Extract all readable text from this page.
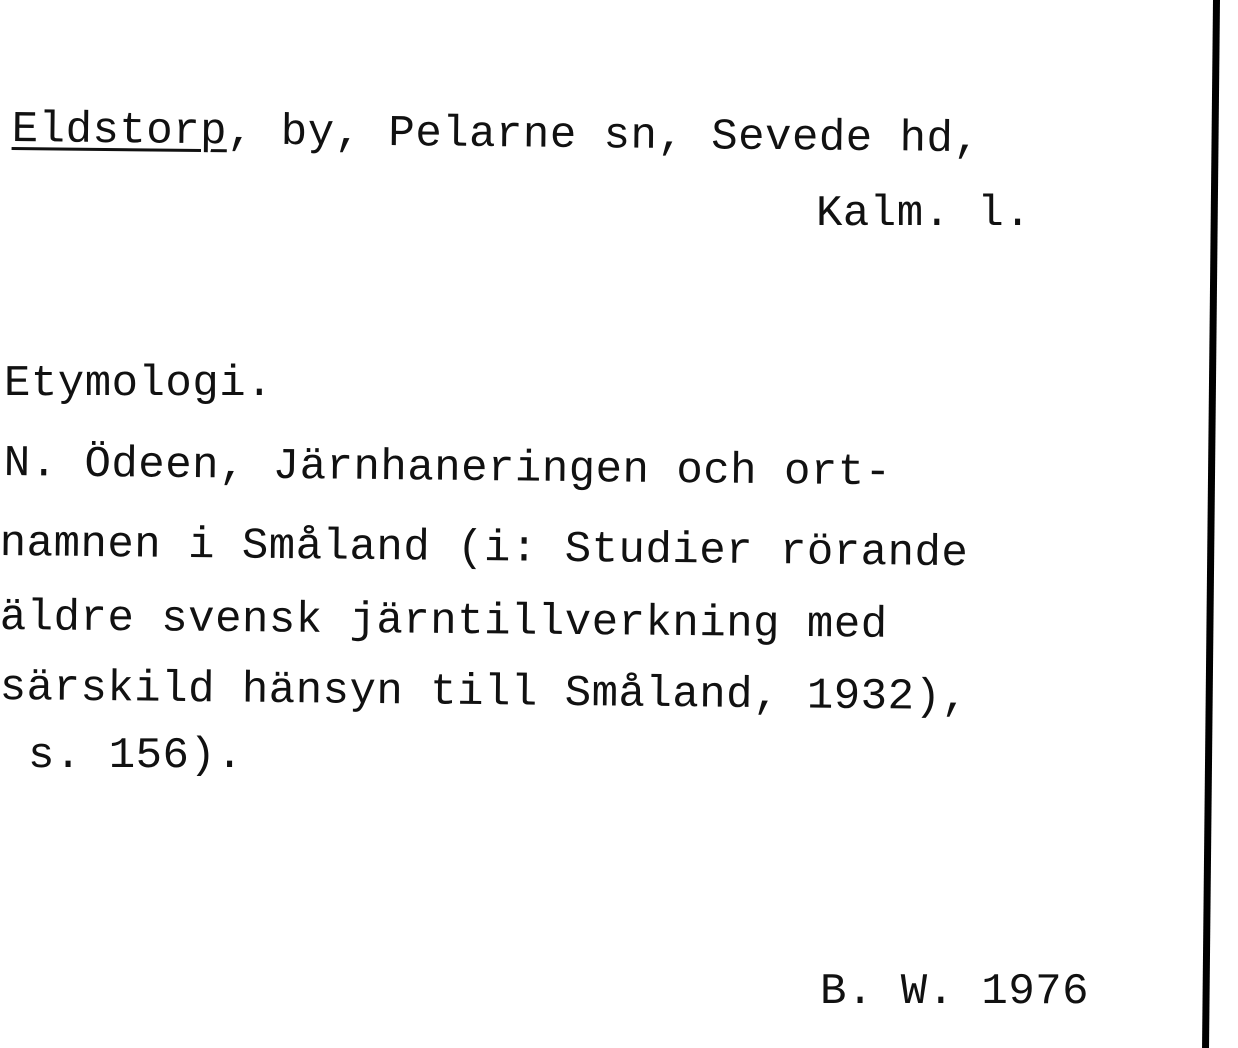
Eldstorp, by, Pelarne sn, Sevede hd,
Kalm. l.
Etymologi.
N. Ödeen, Järnhaneringen och ort-
namnen i Småland (i: Studier rörande
äldre svensk järntillverkning med
särskild hänsyn till Småland, 1932),
s. 156).
B. W. 1976
